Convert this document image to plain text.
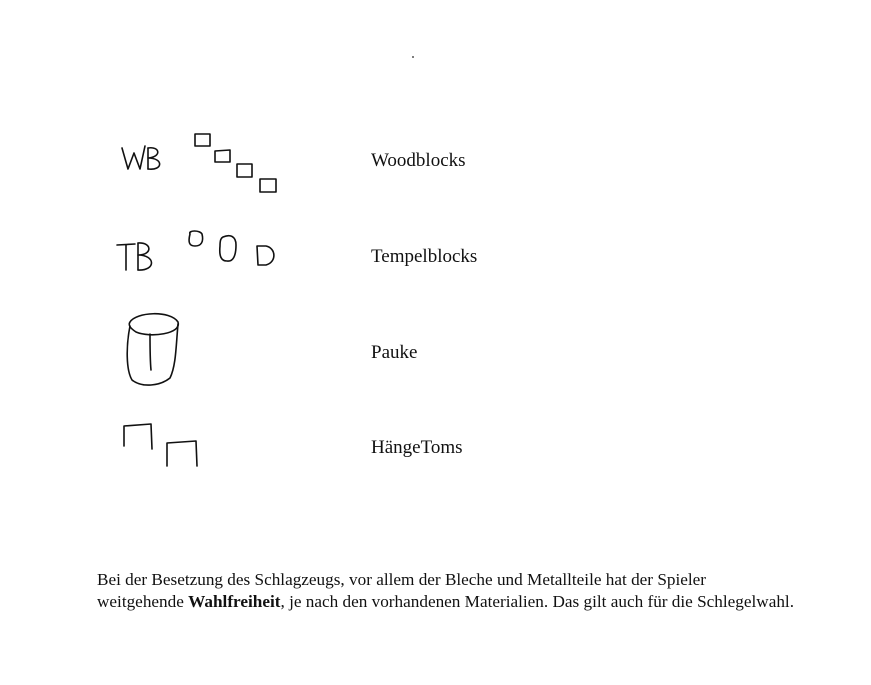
Woodblocks
Tempelblocks
Pauke
HängeToms

Bei der Besetzung des Schlagzeugs, vor allem der Bleche und Metallteile hat der Spieler  weitgehende Wahlfreiheit, je nach den vorhandenen Materialien. Das gilt auch für die Schlegelwahl.
